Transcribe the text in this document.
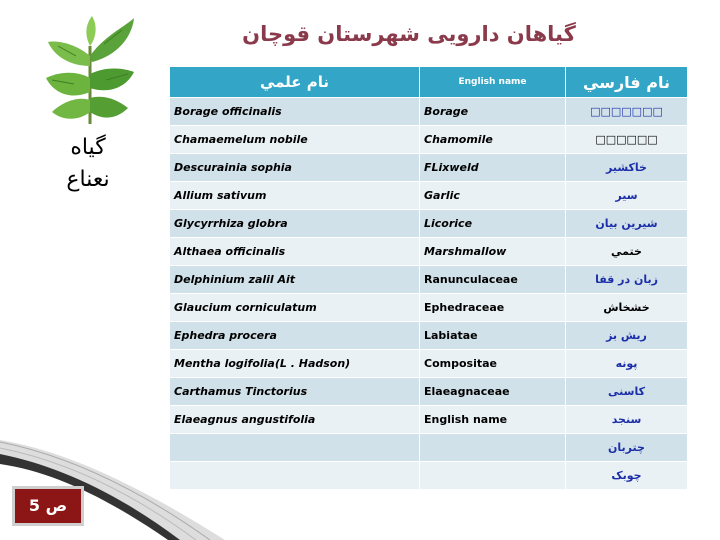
گیاهان دارویی شهرستان قوچان
گیاه
نعناع
نام علمي	English name	نام فارسي
Borage officinalis	Borage	□□□□□□□
Chamaemelum nobile	Chamomile	□□□□□□
Descurainia sophia	FLixweld	خاکشیر
Allium sativum	Garlic	سیر
Glycyrrhiza globra	Licorice	شیرین بیان
Althaea officinalis	Marshmallow	ختمي
Delphinium zalil Ait	Ranunculaceae	زبان در قفا
Glaucium corniculatum	Ephedraceae	خشخاش
Ephedra procera	Labiatae	ریش بز
Mentha logifolia(L . Hadson)	Compositae	پونه
Carthamus Tinctorius	Elaeagnaceae	کاسنی
Elaeagnus angustifolia	English name	سنجد
		چتربان
		چوبک
ص 5
